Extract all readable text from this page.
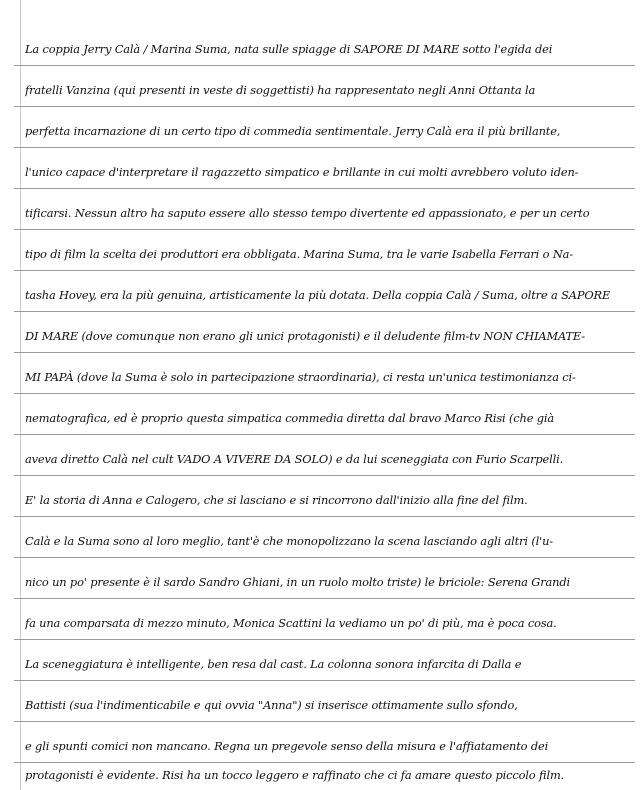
La coppia Jerry Calà / Marina Suma, nata sulle spiagge di SAPORE DI MARE sotto l'egida dei
fratelli Vanzina (qui presenti in veste di soggettisti) ha rappresentato negli Anni Ottanta la
perfetta incarnazione di un certo tipo di commedia sentimentale. Jerry Calà era il più brillante,
l'unico capace d'interpretare il ragazzetto simpatico e brillante in cui molti avrebbero voluto iden-
tificarsi. Nessun altro ha saputo essere allo stesso tempo divertente ed appassionato, e per un certo
tipo di film la scelta dei produttori era obbligata. Marina Suma, tra le varie Isabella Ferrari o Na-
tasha Hovey, era la più genuina, artisticamente la più dotata. Della coppia Calà / Suma, oltre a SAPORE
DI MARE (dove comunque non erano gli unici protagonisti) e il deludente film-tv NON CHIAMATE-
MI PAPÀ (dove la Suma è solo in partecipazione straordinaria), ci resta un'unica testimonianza ci-
nematografica, ed è proprio questa simpatica commedia diretta dal bravo Marco Risi (che già
aveva diretto Calà nel cult VADO A VIVERE DA SOLO) e da lui sceneggiata con Furio Scarpelli.
E' la storia di Anna e Calogero, che si lasciano e si rincorrono dall'inizio alla fine del film.
Calà e la Suma sono al loro meglio, tant'è che monopolizzano la scena lasciando agli altri (l'u-
nico un po' presente è il sardo Sandro Ghiani, in un ruolo molto triste) le briciole: Serena Grandi
fa una comparsata di mezzo minuto, Monica Scattini la vediamo un po' di più, ma è poca cosa.
La sceneggiatura è intelligente, ben resa dal cast. La colonna sonora infarcita di Dalla e
Battisti (sua l'indimenticabile e qui ovvia "Anna") si inserisce ottimamente sullo sfondo,
e gli spunti comici non mancano. Regna un pregevole senso della misura e l'affiatamento dei
protagonisti è evidente. Risi ha un tocco leggero e raffinato che ci fa amare questo piccolo film.
